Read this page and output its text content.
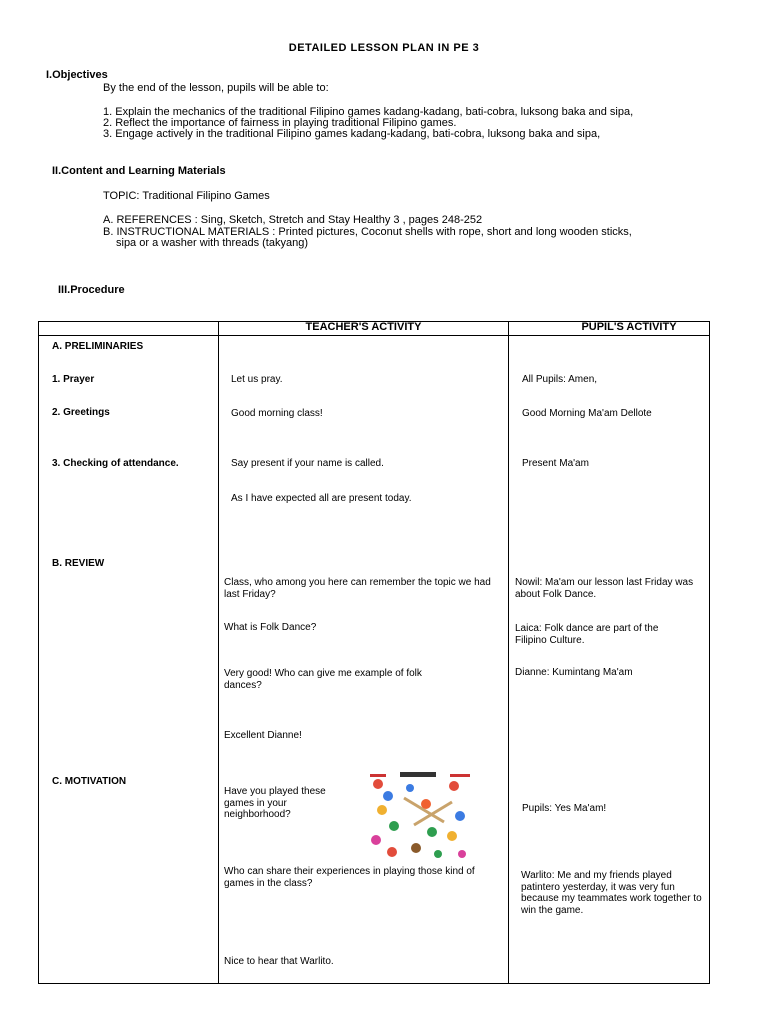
DETAILED LESSON PLAN IN PE 3
I.Objectives
By the end of the lesson, pupils will be able to:
1. Explain the mechanics of the traditional Filipino games kadang-kadang, bati-cobra, luksong baka and sipa,
2. Reflect the importance of fairness in playing traditional Filipino games.
3. Engage actively in the traditional Filipino games kadang-kadang, bati-cobra, luksong baka and sipa,
II.Content and Learning Materials
TOPIC: Traditional Filipino Games
A. REFERENCES : Sing, Sketch, Stretch and Stay Healthy 3 , pages 248-252
B. INSTRUCTIONAL MATERIALS : Printed pictures, Coconut shells with rope, short and long wooden sticks,
sipa or a washer with threads (takyang)
III.Procedure
TEACHER'S ACTIVITY	PUPIL'S ACTIVITY
A. PRELIMINARIES
1. Prayer
2. Greetings
3. Checking of attendance.
B. REVIEW
C. MOTIVATION
Let us pray.
Good morning class!
Say present if your name is called.
As I have expected all are present today.
Class, who among you here can remember the topic we had last Friday?
What is Folk Dance?
Very good! Who can give me example of folk dances?
Excellent Dianne!
Have you played these games in your neighborhood?
Who can share their experiences in playing those kind of games in the class?
Nice to hear that Warlito.
All Pupils: Amen,
Good Morning Ma'am Dellote
Present Ma'am
Nowil: Ma'am our lesson last Friday was about Folk Dance.
Laica: Folk dance are part of the Filipino Culture.
Dianne: Kumintang Ma'am
Pupils: Yes Ma'am!
Warlito: Me and my friends played patintero yesterday, it was very fun because my teammates work together to win the game.
